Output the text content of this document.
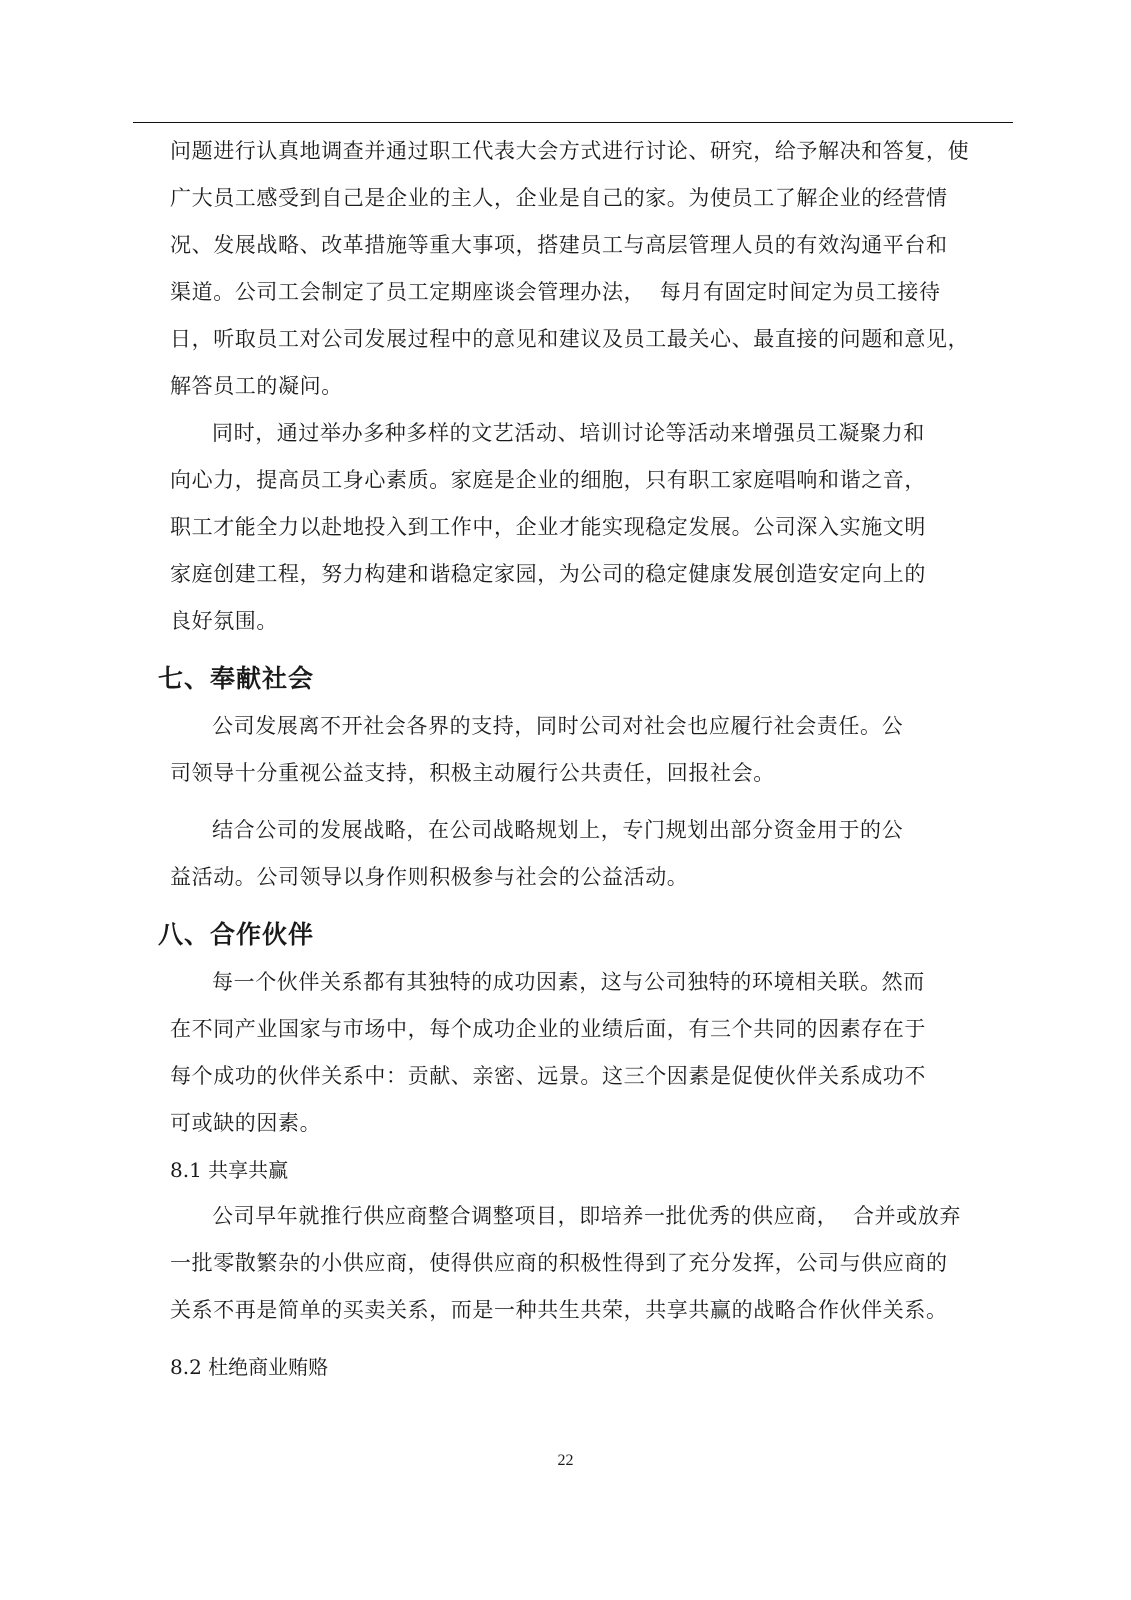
问题进行认真地调查并通过职工代表大会方式进行讨论、研究，给予解决和答复，使

广大员工感受到自己是企业的主人，企业是自己的家。为使员工了解企业的经营情

况、发展战略、改革措施等重大事项，搭建员工与高层管理人员的有效沟通平台和

渠道。公司工会制定了员工定期座谈会管理办法，  每月有固定时间定为员工接待

日，听取员工对公司发展过程中的意见和建议及员工最关心、最直接的问题和意见，

解答员工的凝问。

同时，通过举办多种多样的文艺活动、培训讨论等活动来增强员工凝聚力和

向心力，提高员工身心素质。家庭是企业的细胞，只有职工家庭唱响和谐之音，

职工才能全力以赴地投入到工作中，企业才能实现稳定发展。公司深入实施文明

家庭创建工程，努力构建和谐稳定家园，为公司的稳定健康发展创造安定向上的

良好氛围。

七、奉献社会

公司发展离不开社会各界的支持，同时公司对社会也应履行社会责任。公

司领导十分重视公益支持，积极主动履行公共责任，回报社会。

结合公司的发展战略，在公司战略规划上，专门规划出部分资金用于的公

益活动。公司领导以身作则积极参与社会的公益活动。

八、合作伙伴

每一个伙伴关系都有其独特的成功因素，这与公司独特的环境相关联。然而

在不同产业国家与市场中，每个成功企业的业绩后面，有三个共同的因素存在于

每个成功的伙伴关系中：贡献、亲密、远景。这三个因素是促使伙伴关系成功不

可或缺的因素。

8.1 共享共赢

公司早年就推行供应商整合调整项目，即培养一批优秀的供应商，  合并或放弃

一批零散繁杂的小供应商，使得供应商的积极性得到了充分发挥，公司与供应商的

关系不再是简单的买卖关系，而是一种共生共荣，共享共赢的战略合作伙伴关系。

8.2 杜绝商业贿赂

22
